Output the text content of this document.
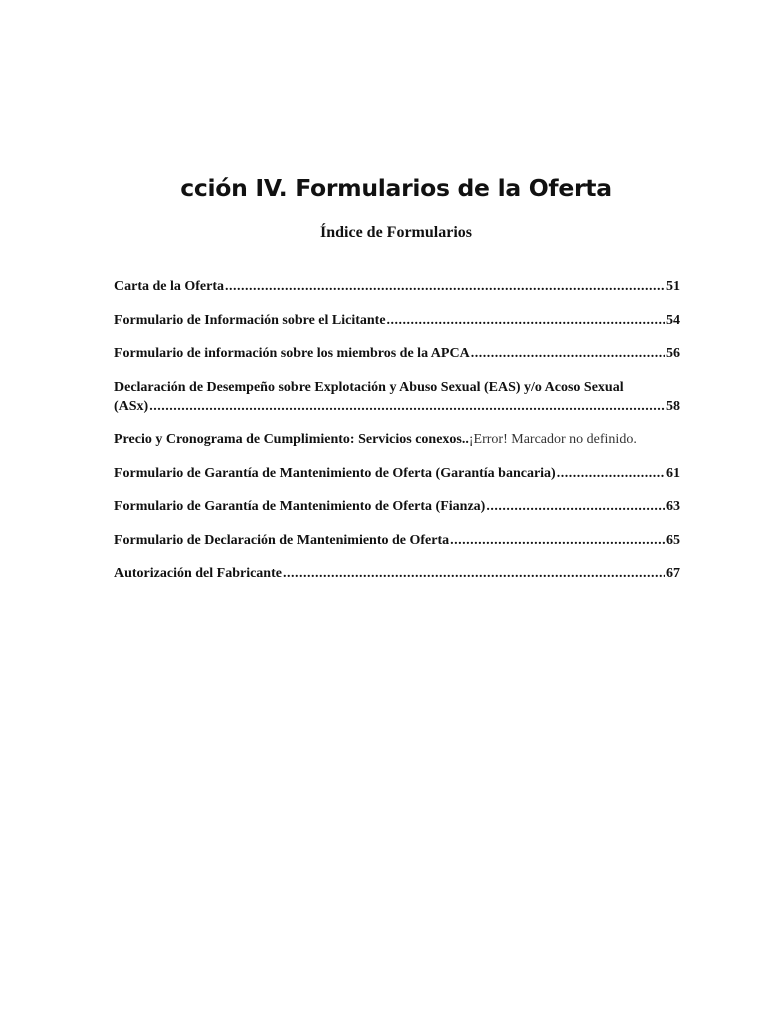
cción IV. Formularios de la Oferta
Índice de Formularios
Carta de la Oferta .....	51
Formulario de Información sobre el Licitante .....	54
Formulario de información sobre los miembros de la APCA .....	56
Declaración de Desempeño sobre Explotación y Abuso Sexual (EAS) y/o Acoso Sexual
(ASx) .....	58
Precio y Cronograma de Cumplimiento: Servicios conexos .. ¡Error! Marcador no definido.
Formulario de Garantía de Mantenimiento de Oferta (Garantía bancaria) .....	61
Formulario de Garantía de Mantenimiento de Oferta (Fianza) .....	63
Formulario de Declaración de Mantenimiento de Oferta .....	65
Autorización del Fabricante .....	67
